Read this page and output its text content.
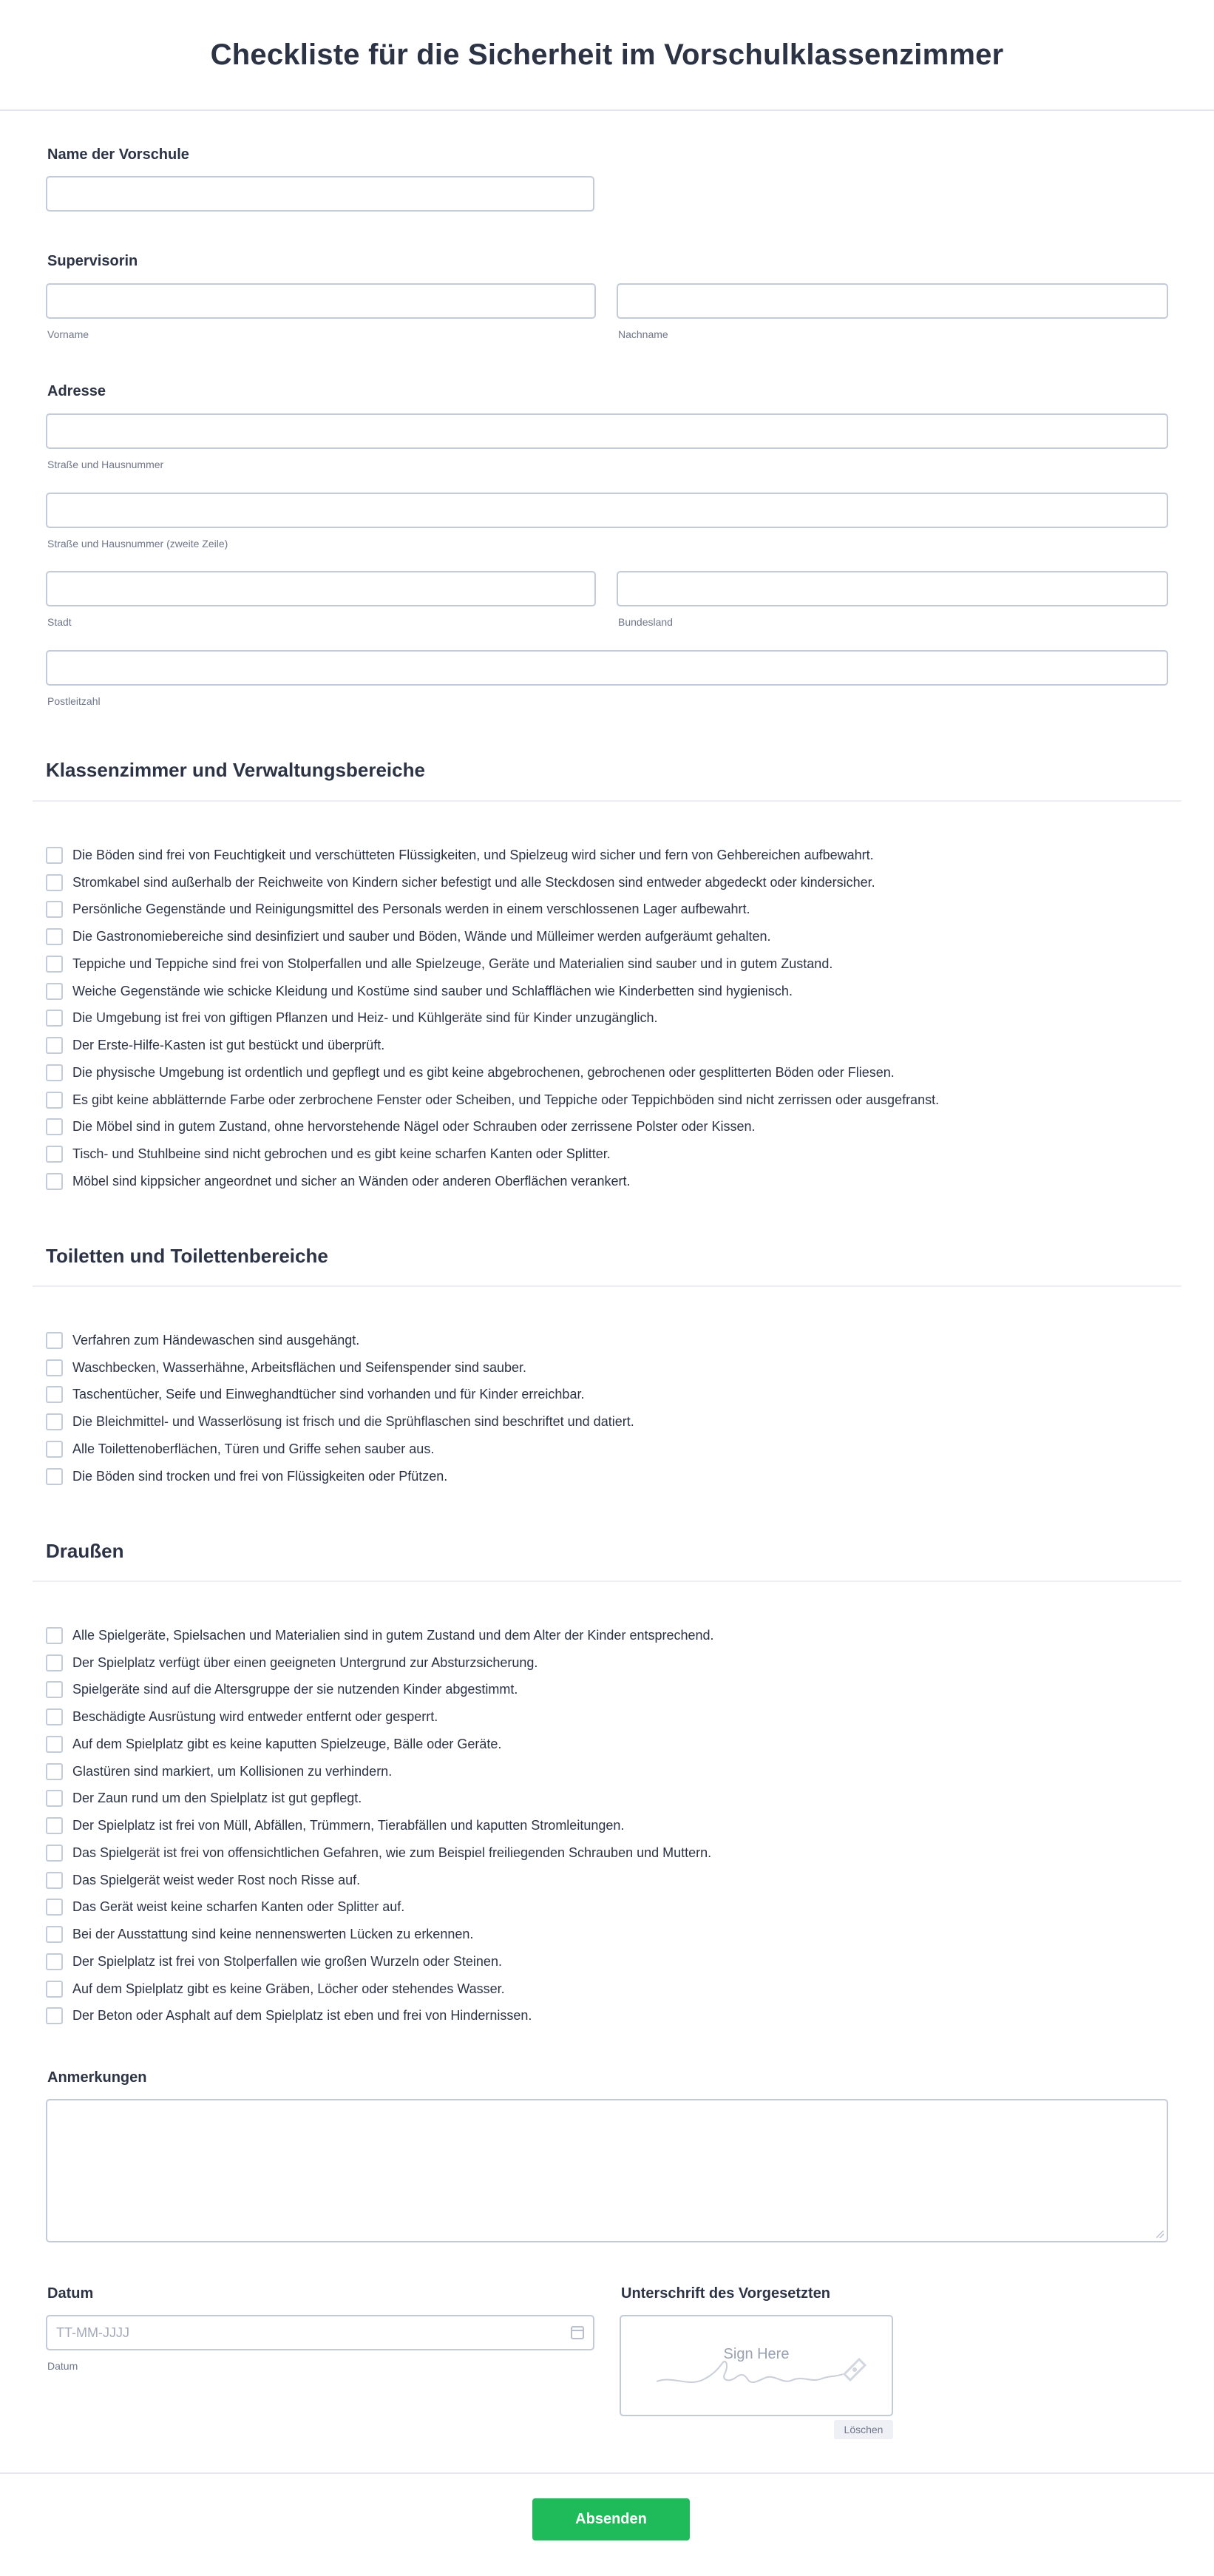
Checkliste für die Sicherheit im Vorschulklassenzimmer
Name der Vorschule
Supervisorin
Vorname	Nachname
Adresse
Straße und Hausnummer
Straße und Hausnummer (zweite Zeile)
Stadt	Bundesland
Postleitzahl
Klassenzimmer und Verwaltungsbereiche
Die Böden sind frei von Feuchtigkeit und verschütteten Flüssigkeiten, und Spielzeug wird sicher und fern von Gehbereichen aufbewahrt.
Stromkabel sind außerhalb der Reichweite von Kindern sicher befestigt und alle Steckdosen sind entweder abgedeckt oder kindersicher.
Persönliche Gegenstände und Reinigungsmittel des Personals werden in einem verschlossenen Lager aufbewahrt.
Die Gastronomiebereiche sind desinfiziert und sauber und Böden, Wände und Mülleimer werden aufgeräumt gehalten.
Teppiche und Teppiche sind frei von Stolperfallen und alle Spielzeuge, Geräte und Materialien sind sauber und in gutem Zustand.
Weiche Gegenstände wie schicke Kleidung und Kostüme sind sauber und Schlafflächen wie Kinderbetten sind hygienisch.
Die Umgebung ist frei von giftigen Pflanzen und Heiz- und Kühlgeräte sind für Kinder unzugänglich.
Der Erste-Hilfe-Kasten ist gut bestückt und überprüft.
Die physische Umgebung ist ordentlich und gepflegt und es gibt keine abgebrochenen, gebrochenen oder gesplitterten Böden oder Fliesen.
Es gibt keine abblätternde Farbe oder zerbrochene Fenster oder Scheiben, und Teppiche oder Teppichböden sind nicht zerrissen oder ausgefranst.
Die Möbel sind in gutem Zustand, ohne hervorstehende Nägel oder Schrauben oder zerrissene Polster oder Kissen.
Tisch- und Stuhlbeine sind nicht gebrochen und es gibt keine scharfen Kanten oder Splitter.
Möbel sind kippsicher angeordnet und sicher an Wänden oder anderen Oberflächen verankert.
Toiletten und Toilettenbereiche
Verfahren zum Händewaschen sind ausgehängt.
Waschbecken, Wasserhähne, Arbeitsflächen und Seifenspender sind sauber.
Taschentücher, Seife und Einweghandtücher sind vorhanden und für Kinder erreichbar.
Die Bleichmittel- und Wasserlösung ist frisch und die Sprühflaschen sind beschriftet und datiert.
Alle Toilettenoberflächen, Türen und Griffe sehen sauber aus.
Die Böden sind trocken und frei von Flüssigkeiten oder Pfützen.
Draußen
Alle Spielgeräte, Spielsachen und Materialien sind in gutem Zustand und dem Alter der Kinder entsprechend.
Der Spielplatz verfügt über einen geeigneten Untergrund zur Absturzsicherung.
Spielgeräte sind auf die Altersgruppe der sie nutzenden Kinder abgestimmt.
Beschädigte Ausrüstung wird entweder entfernt oder gesperrt.
Auf dem Spielplatz gibt es keine kaputten Spielzeuge, Bälle oder Geräte.
Glastüren sind markiert, um Kollisionen zu verhindern.
Der Zaun rund um den Spielplatz ist gut gepflegt.
Der Spielplatz ist frei von Müll, Abfällen, Trümmern, Tierabfällen und kaputten Stromleitungen.
Das Spielgerät ist frei von offensichtlichen Gefahren, wie zum Beispiel freiliegenden Schrauben und Muttern.
Das Spielgerät weist weder Rost noch Risse auf.
Das Gerät weist keine scharfen Kanten oder Splitter auf.
Bei der Ausstattung sind keine nennenswerten Lücken zu erkennen.
Der Spielplatz ist frei von Stolperfallen wie großen Wurzeln oder Steinen.
Auf dem Spielplatz gibt es keine Gräben, Löcher oder stehendes Wasser.
Der Beton oder Asphalt auf dem Spielplatz ist eben und frei von Hindernissen.
Anmerkungen
Datum
TT-MM-JJJJ
Datum
Unterschrift des Vorgesetzten
Sign Here
Löschen
Absenden
